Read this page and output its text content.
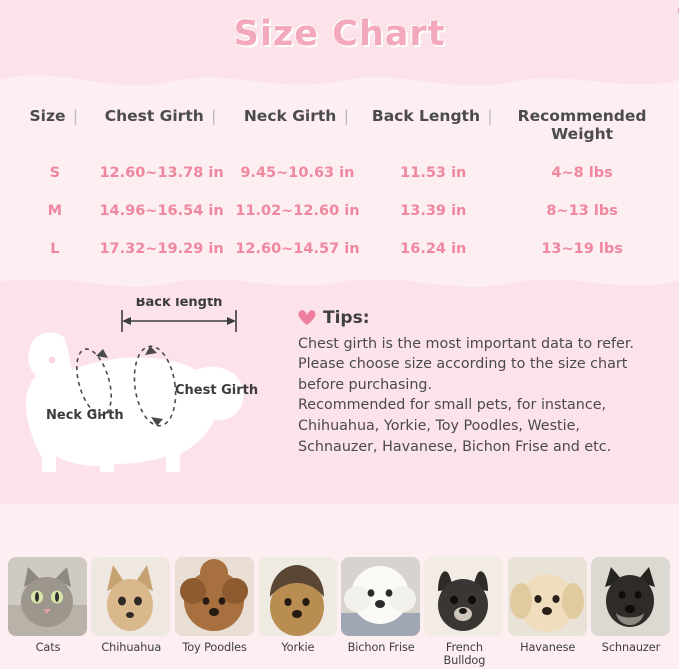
Size Chart
Size |	Chest Girth |	Neck Girth |	Back Length |	Recommended Weight
S	12.60~13.78 in	9.45~10.63 in	11.53 in	4~8 lbs
M	14.96~16.54 in	11.02~12.60 in	13.39 in	8~13 lbs
L	17.32~19.29 in	12.60~14.57 in	16.24 in	13~19 lbs
Back length
Chest Girth
Neck Girth
Tips:
Chest girth is the most important data to refer.
Please choose size according to the size chart
before purchasing.
Recommended for small pets, for instance,
Chihuahua, Yorkie, Toy Poodles, Westie,
Schnauzer, Havanese, Bichon Frise and etc.
Cats	Chihuahua	Toy Poodles	Yorkie	Bichon Frise	French Bulldog
Havanese	Schnauzer
